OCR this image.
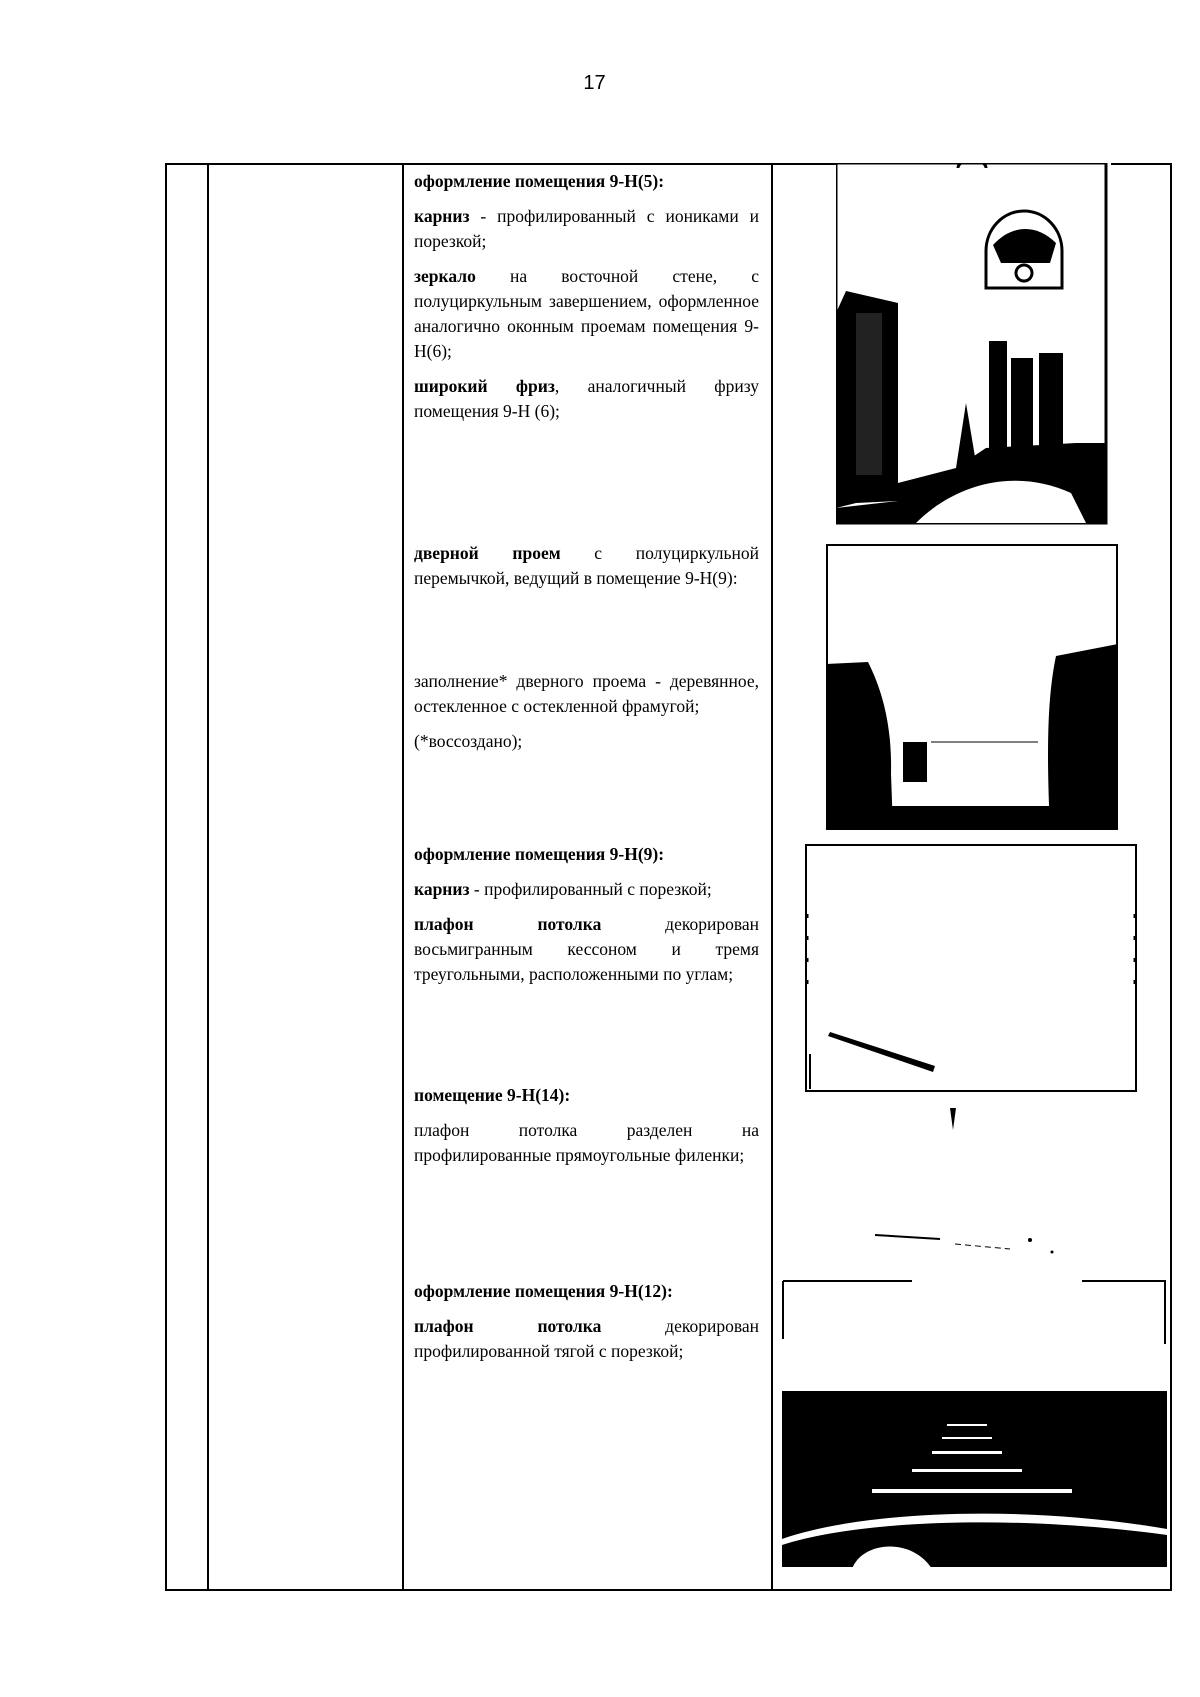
17

оформление помещения 9-Н(5):

карниз - профилированный с иониками и порезкой;

зеркало на восточной стене, с полуциркульным завершением, оформленное аналогично оконным проемам помещения 9-Н(6);

широкий фриз, аналогичный фризу помещения 9-Н (6);

дверной проем с полуциркульной перемычкой, ведущий в помещение 9-Н(9):

заполнение* дверного проема - деревянное, остекленное с остекленной фрамугой;

(*воссоздано);

оформление помещения 9-Н(9):

карниз - профилированный с порезкой;

плафон потолка декорирован восьмигранным кессоном и тремя треугольными, расположенными по углам;

помещение 9-Н(14):

плафон потолка разделен на профилированные прямоугольные филенки;

оформление помещения 9-Н(12):

плафон потолка декорирован профилированной тягой с порезкой;
